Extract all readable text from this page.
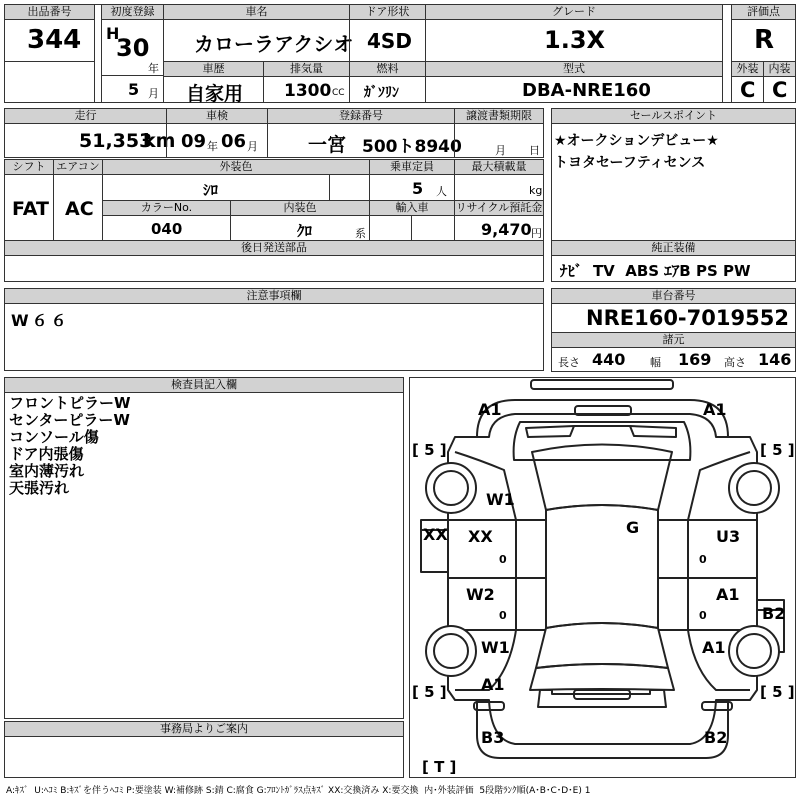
出品番号
344
初度登録
H
30
年
5 月
車名
カローラアクシオ
車歴
自家用
排気量
1300 CC
ドア形状
4SD
燃料
ｶﾞｿﾘﾝ
グレード
1.3X
型式
DBA-NRE160
評価点
R
外装 内装
C C
走行
51,353
km
車検
09 年 06 月
登録番号
一宮 500ト8940
譲渡書類期限
月 日
セールスポイント
★オークションデビュー★
トヨタセーフティセンス
シフト
FAT
エアコン
AC
外装色
ｼﾛ
乗車定員
5 人
最大積載量
kg
カラーNo.
040
内装色
ｸﾛ	系
輸入車	リサイクル預託金
9,470 円
後日発送部品	純正装備
ﾅﾋﾞ  TV  ABS ｴｱB PS PW
注意事項欄
W６６
車台番号
NRE160-7019552
諸元
長さ 440 幅 169 高さ 146
検査員記入欄
フロントピラーW
センターピラーW
コンソール傷
ドア内張傷
室内薄汚れ
天張汚れ
事務局よりご案内
[ 5 ]	[ 5 ]
[ 5 ]	[ 5 ]
[ T ]
A1	A1
W1
G
XX XX	U3
W2	A1
B2
W1	A1
A1
B3	B2
0	0
0	0
A:ｷｽﾞ  U:ﾍｺﾐ B:ｷｽﾞを伴うﾍｺﾐ P:要塗装 W:補修跡 S:錆 C:腐食 G:ﾌﾛﾝﾄｶﾞﾗｽ点ｷｽﾞ XX:交換済み X:要交換  内･外装評価  5段階ﾗﾝｸ順(A･B･C･D･E) 1
